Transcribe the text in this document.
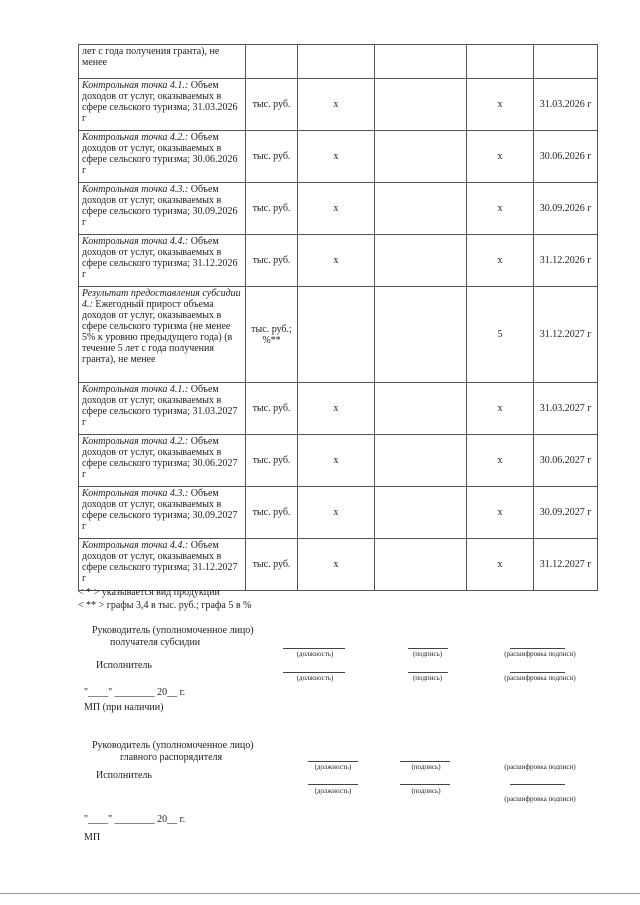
лет с года получения гранта), не менее					
Контрольная точка 4.1.: Объем доходов от услуг, оказываемых в сфере сельского туризма; 31.03.2026 г	тыс. руб.	х		х	31.03.2026 г
Контрольная точка 4.2.: Объем доходов от услуг, оказываемых в сфере сельского туризма; 30.06.2026 г	тыс. руб.	х		х	30.06.2026 г
Контрольная точка 4.3.: Объем доходов от услуг, оказываемых в сфере сельского туризма; 30.09.2026 г	тыс. руб.	х		х	30.09.2026 г
Контрольная точка 4.4.: Объем доходов от услуг, оказываемых в сфере сельского туризма; 31.12.2026 г	тыс. руб.	х		х	31.12.2026 г
Результат предоставления субсидии 4.: Ежегодный прирост объема доходов от услуг, оказываемых в сфере сельского туризма (не менее 5% к уровню предыдущего года) (в течение 5 лет с года получения гранта), не менее	тыс. руб.; %**			5	31.12.2027 г
Контрольная точка 4.1.: Объем доходов от услуг, оказываемых в сфере сельского туризма; 31.03.2027 г	тыс. руб.	х		х	31.03.2027 г
Контрольная точка 4.2.: Объем доходов от услуг, оказываемых в сфере сельского туризма; 30.06.2027 г	тыс. руб.	х		х	30.06.2027 г
Контрольная точка 4.3.: Объем доходов от услуг, оказываемых в сфере сельского туризма; 30.09.2027 г	тыс. руб.	х		х	30.09.2027 г
Контрольная точка 4.4.: Объем доходов от услуг, оказываемых в сфере сельского туризма; 31.12.2027 г	тыс. руб.	х		х	31.12.2027 г
< * > указывается вид продукции
< ** > графы 3,4 в тыс. руб.; графа 5 в %
Руководитель (уполномоченное лицо)
получателя субсидии
(должность)	(подпись)	(расшифровка подписи)
Исполнитель
(должность)	(подпись)	(расшифровка подписи)
"____" ________ 20__ г.
МП (при наличии)
Руководитель (уполномоченное лицо)
главного распорядителя
(должность)	(подпись)	(расшифровка подписи)
Исполнитель
(должность)	(подпись)
(расшифровка подписи)
"____" ________ 20__ г.
МП
